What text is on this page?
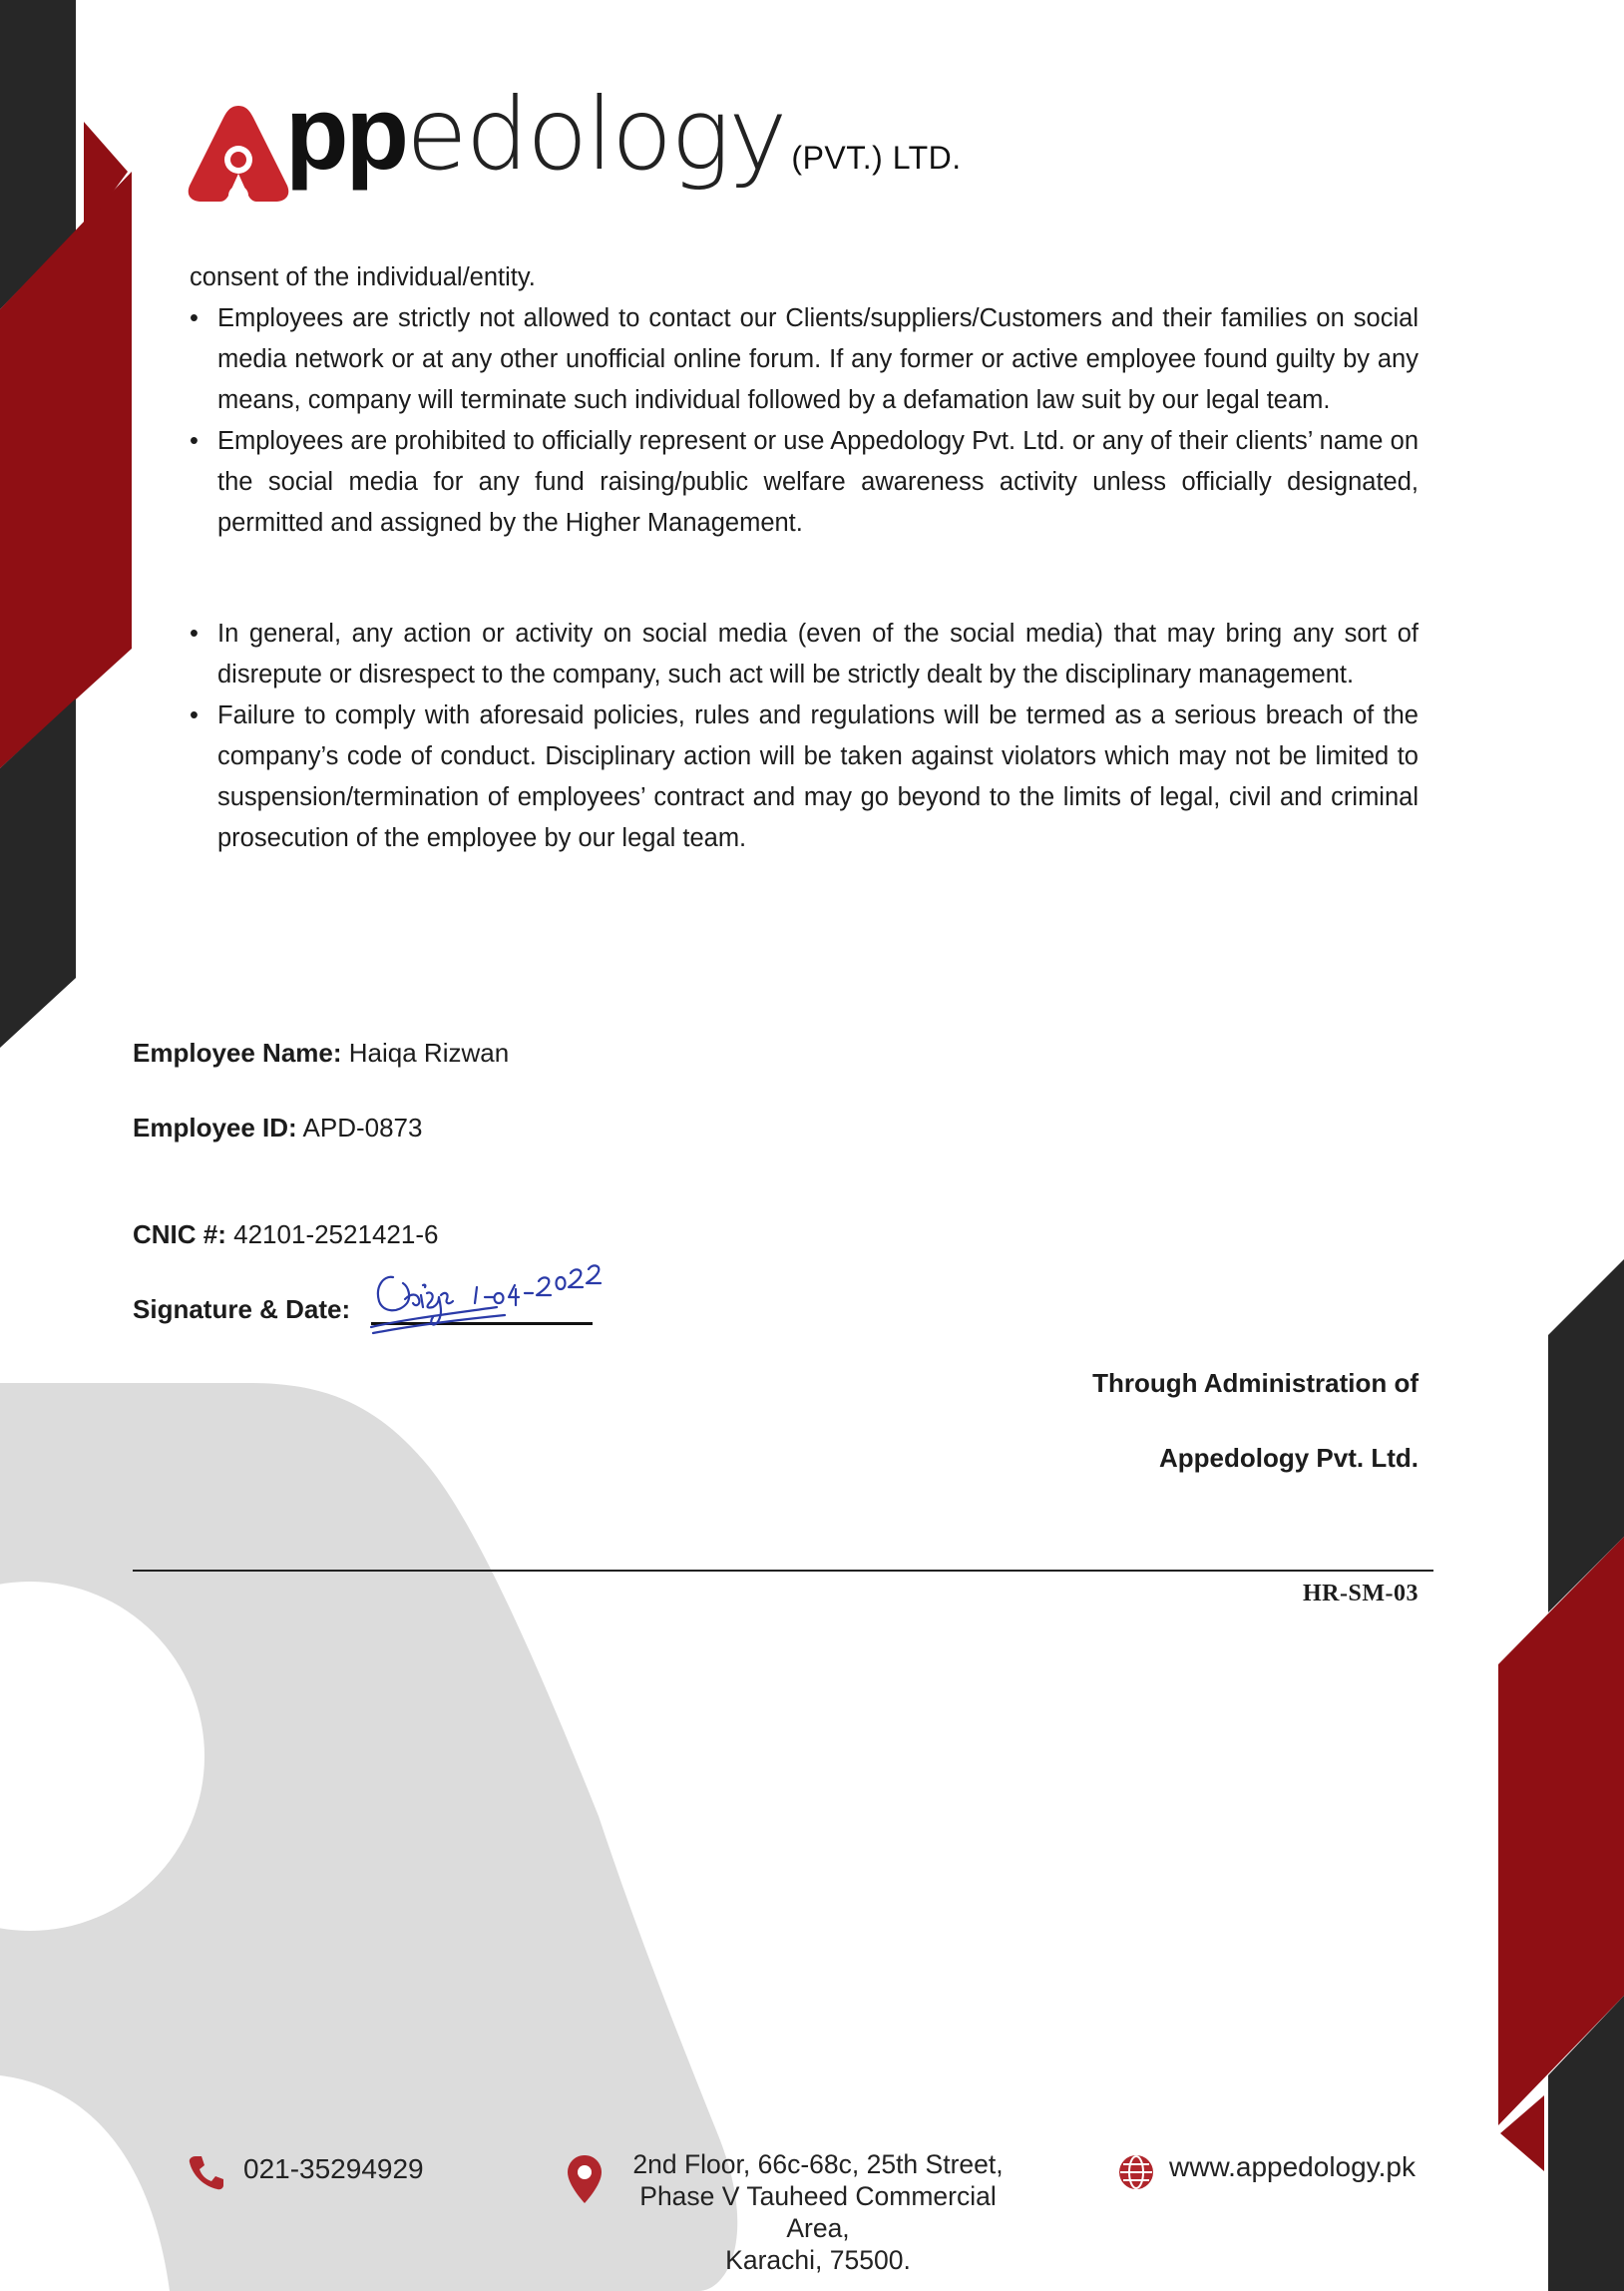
ppedology (PVT.) LTD.

consent of the individual/entity.

• Employees are strictly not allowed to contact our Clients/suppliers/Customers and their families on social media network or at any other unofficial online forum. If any former or active employee found guilty by any means, company will terminate such individual followed by a defamation law suit by our legal team.
• Employees are prohibited to officially represent or use Appedology Pvt. Ltd. or any of their clients’ name on the social media for any fund raising/public welfare awareness activity unless officially designated, permitted and assigned by the Higher Management.
• In general, any action or activity on social media (even of the social media) that may bring any sort of disrepute or disrespect to the company, such act will be strictly dealt by the disciplinary management.
• Failure to comply with aforesaid policies, rules and regulations will be termed as a serious breach of the company’s code of conduct. Disciplinary action will be taken against violators which may not be limited to suspension/termination of employees’ contract and may go beyond to the limits of legal, civil and criminal prosecution of the employee by our legal team.
Employee Name: Haiqa Rizwan
Employee ID: APD-0873
CNIC #: 42101-2521421-6
Signature & Date:
Through Administration of
Appedology Pvt. Ltd.
HR-SM-03
021-35294929	2nd Floor, 66c-68c, 25th Street,
Phase V Tauheed Commercial Area,
Karachi, 75500.
www.appedology.pk
